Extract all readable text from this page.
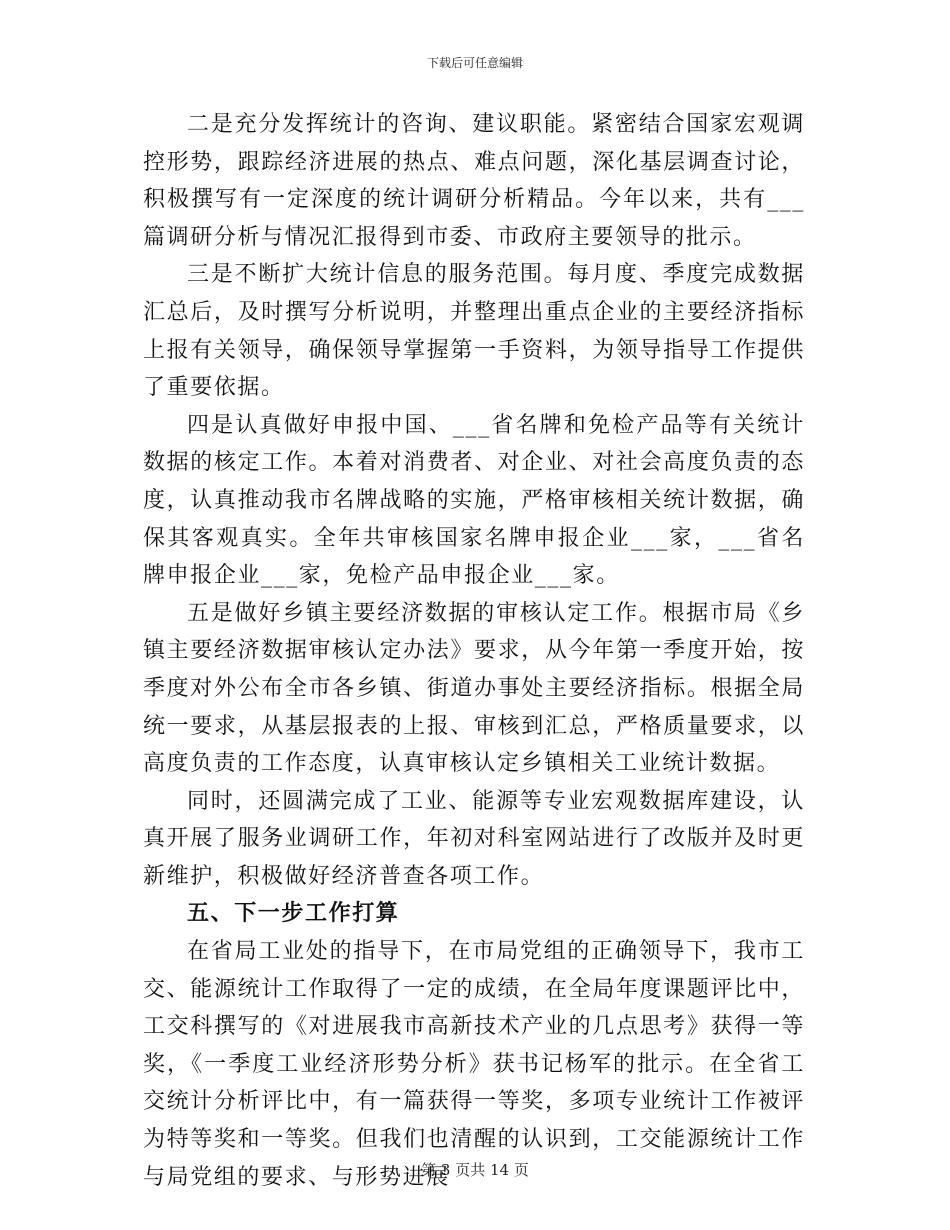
下载后可任意编辑

二是充分发挥统计的咨询、建议职能。紧密结合国家宏观调控形势，跟踪经济进展的热点、难点问题，深化基层调查讨论，积极撰写有一定深度的统计调研分析精品。今年以来，共有___篇调研分析与情况汇报得到市委、市政府主要领导的批示。

三是不断扩大统计信息的服务范围。每月度、季度完成数据汇总后，及时撰写分析说明，并整理出重点企业的主要经济指标上报有关领导，确保领导掌握第一手资料，为领导指导工作提供了重要依据。

四是认真做好申报中国、___省名牌和免检产品等有关统计数据的核定工作。本着对消费者、对企业、对社会高度负责的态度，认真推动我市名牌战略的实施，严格审核相关统计数据，确保其客观真实。全年共审核国家名牌申报企业___家，___省名牌申报企业___家，免检产品申报企业___家。

五是做好乡镇主要经济数据的审核认定工作。根据市局《乡镇主要经济数据审核认定办法》要求，从今年第一季度开始，按季度对外公布全市各乡镇、街道办事处主要经济指标。根据全局统一要求，从基层报表的上报、审核到汇总，严格质量要求，以高度负责的工作态度，认真审核认定乡镇相关工业统计数据。

同时，还圆满完成了工业、能源等专业宏观数据库建设，认真开展了服务业调研工作，年初对科室网站进行了改版并及时更新维护，积极做好经济普查各项工作。

五、下一步工作打算

在省局工业处的指导下，在市局党组的正确领导下，我市工交、能源统计工作取得了一定的成绩，在全局年度课题评比中，工交科撰写的《对进展我市高新技术产业的几点思考》获得一等奖，《一季度工业经济形势分析》获书记杨军的批示。在全省工交统计分析评比中，有一篇获得一等奖，多项专业统计工作被评为特等奖和一等奖。但我们也清醒的认识到，工交能源统计工作与局党组的要求、与形势进展

第 3 页共 14 页
